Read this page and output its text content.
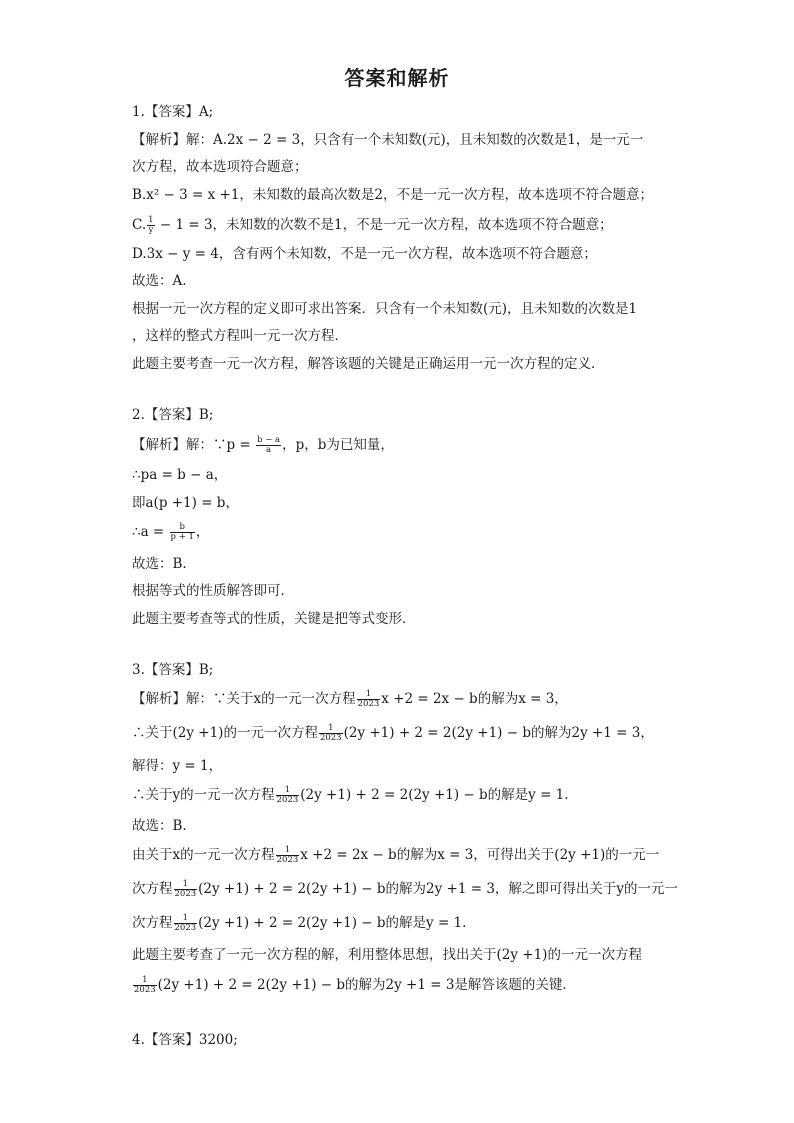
答案和解析
1.【答案】A;
【解析】解：A.2x − 2 = 3，只含有一个未知数(元)，且未知数的次数是1，是一元一
次方程，故本选项符合题意；
B.x² − 3 = x +1，未知数的最高次数是2，不是一元一次方程，故本选项不符合题意；
C. $\frac{1}{y} - 1 = 3$，未知数的次数不是1，不是一元一次方程，故本选项不符合题意；
D.3x − y = 4，含有两个未知数，不是一元一次方程，故本选项不符合题意；
故选：A.
根据一元一次方程的定义即可求出答案．只含有一个未知数(元)，且未知数的次数是1
，这样的整式方程叫一元一次方程．
此题主要考查一元一次方程，解答该题的关键是正确运用一元一次方程的定义．
2.【答案】B;
【解析】解：∵p = $\frac{b - a}{a}$ ，p，b为已知量，
∴pa = b − a，
即a(p +1) = b，
∴a = $\frac{b}{p + 1}$ ，
故选：B.
根据等式的性质解答即可．
此题主要考查等式的性质，关键是把等式变形．
3.【答案】B;
【解析】解：∵关于x的一元一次方程 $\frac{1}{2023}$ x +2 = 2x − b的解为x = 3，
∴关于(2y +1)的一元一次方程 $\frac{1}{2023} (2y +1) + 2 = 2(2y +1) - b$的解为2y +1 = 3，
解得：y = 1，
∴关于y的一元一次方程 $\frac{1}{2023} (2y +1) + 2 = 2(2y +1) - b$的解是y = 1.
故选：B.
由关于x的一元一次方程 $\frac{1}{2023}$ x +2 = 2x − b的解为x = 3，可得出关于(2y +1)的一元一
次方程 $\frac{1}{2023} (2y +1) + 2 = 2(2y +1) - b$的解为2y +1 = 3，解之即可得出关于y的一元一
次方程 $\frac{1}{2023} (2y +1) + 2 = 2(2y +1) - b$的解是y = 1.
此题主要考查了一元一次方程的解，利用整体思想，找出关于(2y +1)的一元一次方程
$\frac{1}{2023} (2y +1) + 2 = 2(2y +1) - b$的解为2y +1 = 3是解答该题的关键．
4.【答案】3200;
